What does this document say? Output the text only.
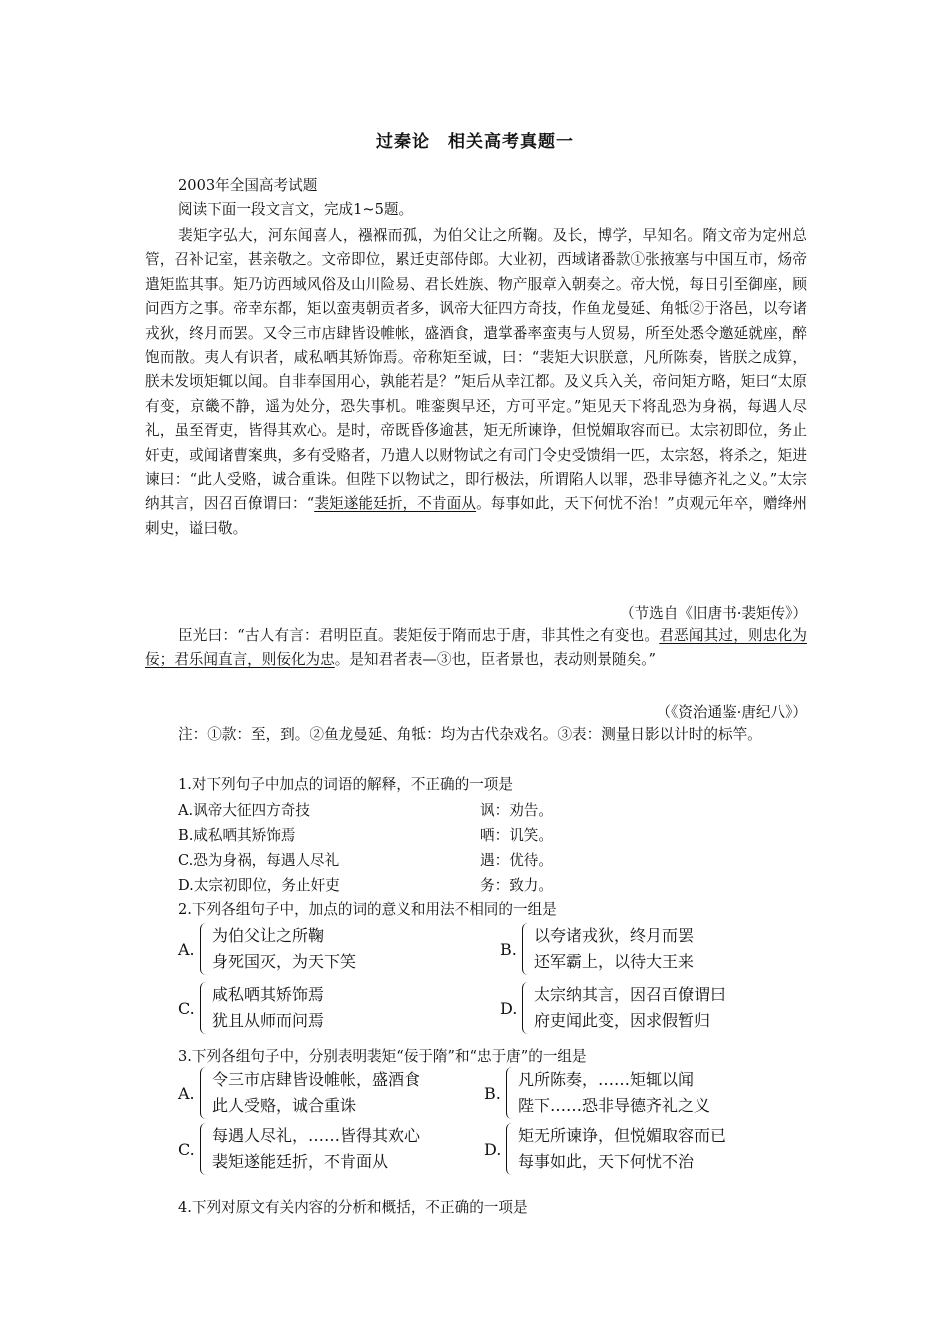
过秦论　相关高考真题一
2003年全国高考试题
阅读下面一段文言文，完成1~5题。
裴矩字弘大，河东闻喜人，襁褓而孤，为伯父让之所鞠。及长，博学，早知名。隋文帝为定州总管，召补记室，甚亲敬之。文帝即位，累迁吏部侍郎。大业初，西域诸番款①张掖塞与中国互市，炀帝遣矩监其事。矩乃访西域风俗及山川险易、君长姓族、物产服章入朝奏之。帝大悦，每日引至御座，顾问西方之事。帝幸东都，矩以蛮夷朝贡者多，讽帝大征四方奇技，作鱼龙曼延、角牴②于洛邑，以夸诸戎狄，终月而罢。又令三市店肆皆设帷帐，盛酒食，遣掌番率蛮夷与人贸易，所至处悉令邀延就座，醉饱而散。夷人有识者，咸私哂其矫饰焉。帝称矩至诚，曰：“裴矩大识朕意，凡所陈奏，皆朕之成算，朕未发顷矩辄以闻。自非奉国用心，孰能若是？”矩后从幸江都。及义兵入关，帝问矩方略，矩曰“太原有变，京畿不静，遥为处分，恐失事机。唯銮舆早还，方可平定。”矩见天下将乱恐为身祸，每遇人尽礼，虽至胥吏，皆得其欢心。是时，帝既昏侈逾甚，矩无所谏诤，但悦媚取容而已。太宗初即位，务止奸吏，或闻诸曹案典，多有受赂者，乃遣人以财物试之有司门令史受馈绢一匹，太宗怒，将杀之，矩进谏曰：“此人受赂，诚合重诛。但陛下以物试之，即行极法，所谓陷人以罪，恐非导德齐礼之义。”太宗纳其言，因召百僚谓曰：“裴矩遂能廷折，不肯面从。每事如此，天下何忧不治！”贞观元年卒，赠绛州刺史，谥曰敬。
（节选自《旧唐书·裴矩传》）
臣光曰：“古人有言：君明臣直。裴矩佞于隋而忠于唐，非其性之有变也。君恶闻其过，则忠化为佞；君乐闻直言，则佞化为忠。是知君者表—③也，臣者景也，表动则景随矣。”
（《资治通鉴·唐纪八》）
注：①款：至，到。②鱼龙曼延、角牴：均为古代杂戏名。③表：测量日影以计时的标竿。
1.对下列句子中加点的词语的解释，不正确的一项是
A.讽帝大征四方奇技	讽：劝告。
B.咸私哂其矫饰焉	哂：讥笑。
C.恐为身祸，每遇人尽礼	遇：优待。
D.太宗初即位，务止奸吏	务：致力。
2.下列各组句子中，加点的词的意义和用法不相同的一组是
A.
为伯父让之所鞠
身死国灭，为天下笑
B.
以夸诸戎狄，终月而罢
还军霸上，以待大王来
C.
咸私哂其矫饰焉
犹且从师而问焉
D.
太宗纳其言，因召百僚谓曰
府吏闻此变，因求假暂归
3.下列各组句子中，分别表明裴矩“佞于隋”和“忠于唐”的一组是
A.
令三市店肆皆设帷帐，盛酒食
此人受赂，诚合重诛
B.
凡所陈奏，……矩辄以闻
陛下……恐非导德齐礼之义
C.
每遇人尽礼，……皆得其欢心
裴矩遂能廷折，不肯面从
D.
矩无所谏诤，但悦媚取容而已
每事如此，天下何忧不治
4.下列对原文有关内容的分析和概括，不正确的一项是
